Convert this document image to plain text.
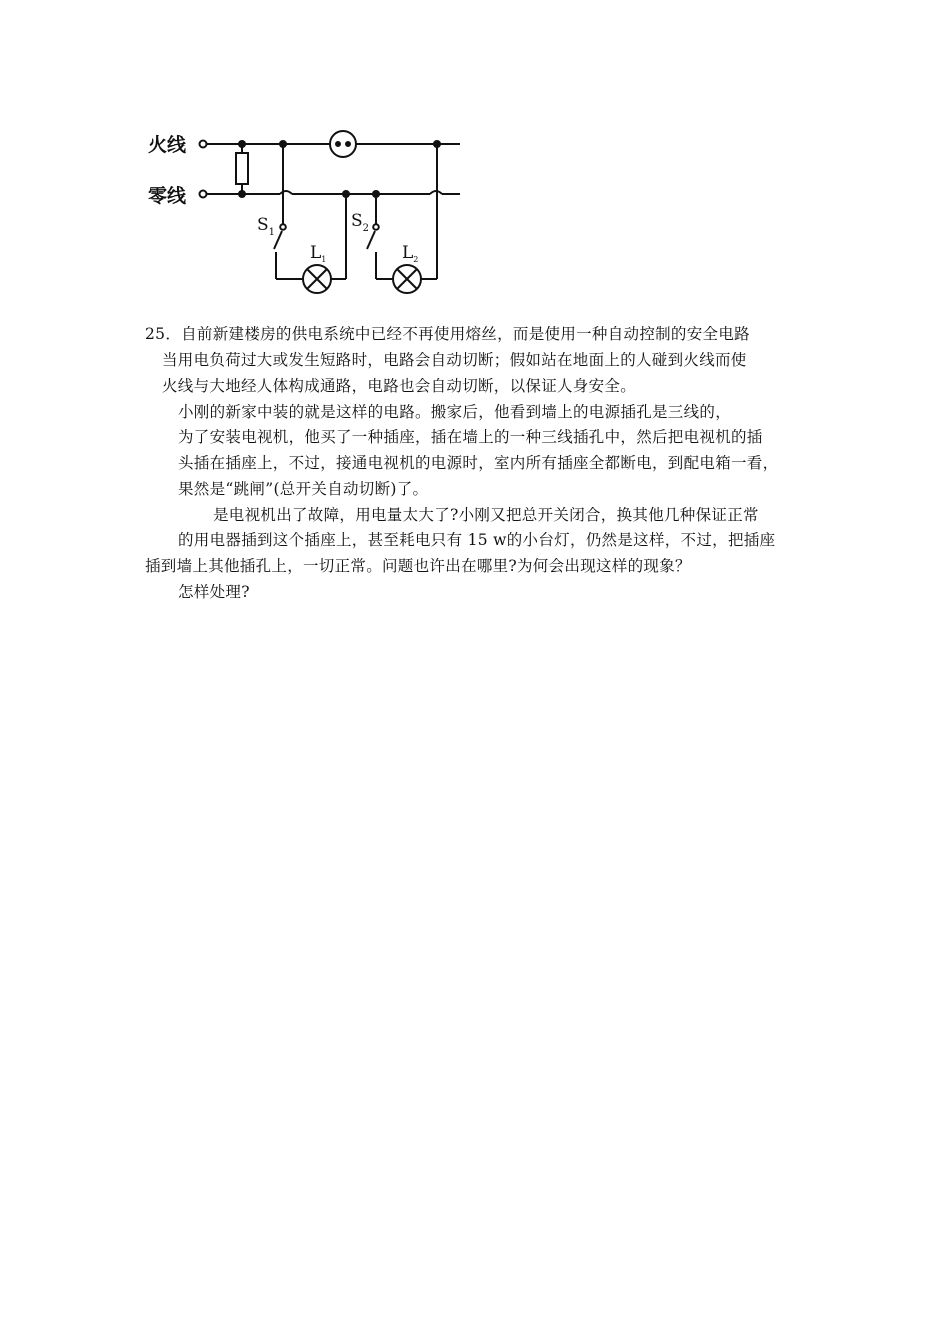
火线
零线
$S_1$
$S_2$
$L_1$	$L_2$
25．自前新建楼房的供电系统中已经不再使用熔丝，而是使用一种自动控制的安全电路
当用电负荷过大或发生短路时，电路会自动切断；假如站在地面上的人碰到火线而使
火线与大地经人体构成通路，电路也会自动切断，以保证人身安全。
小刚的新家中装的就是这样的电路。搬家后，他看到墙上的电源插孔是三线的，
为了安装电视机，他买了一种插座，插在墙上的一种三线插孔中，然后把电视机的插
头插在插座上，不过，接通电视机的电源时，室内所有插座全都断电，到配电箱一看，
果然是“跳闸”(总开关自动切断)了。
是电视机出了故障，用电量太大了?小刚又把总开关闭合，换其他几种保证正常
的用电器插到这个插座上，甚至耗电只有 15 w的小台灯，仍然是这样，不过，把插座
插到墙上其他插孔上，一切正常。问题也许出在哪里?为何会出现这样的现象？
怎样处理?
